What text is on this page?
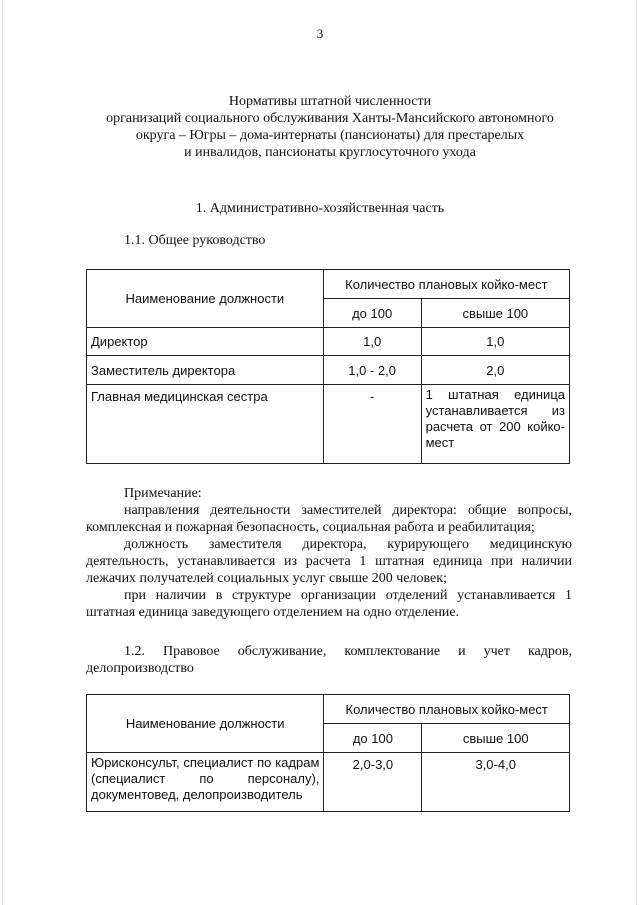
3
Нормативы штатной численности
организаций социального обслуживания Ханты-Мансийского автономного
округа – Югры – дома-интернаты (пансионаты) для престарелых
и инвалидов, пансионаты круглосуточного ухода
1. Административно-хозяйственная часть
1.1. Общее руководство
Наименование должности	Количество плановых койко-мест	
	до 100	свыше 100
Директор	1,0	1,0
Заместитель директора	1,0 - 2,0	2,0
Главная медицинская сестра	-	1 штатная единица устанавливается из расчета от 200 койко-мест

Примечание:

направления деятельности заместителей директора: общие вопросы, комплексная и пожарная безопасность, социальная работа и реабилитация;

должность заместителя директора, курирующего медицинскую деятельность, устанавливается из расчета 1 штатная единица при наличии лежачих получателей социальных услуг свыше 200 человек;

при наличии в структуре организации отделений устанавливается 1 штатная единица заведующего отделением на одно отделение.

1.2. Правовое обслуживание, комплектование и учет кадров, делопроизводство
Наименование должности	Количество плановых койко-мест	
	до 100	свыше 100
Юрисконсульт, специалист по кадрам (специалист по персоналу), документовед, делопроизводитель	2,0-3,0	3,0-4,0
